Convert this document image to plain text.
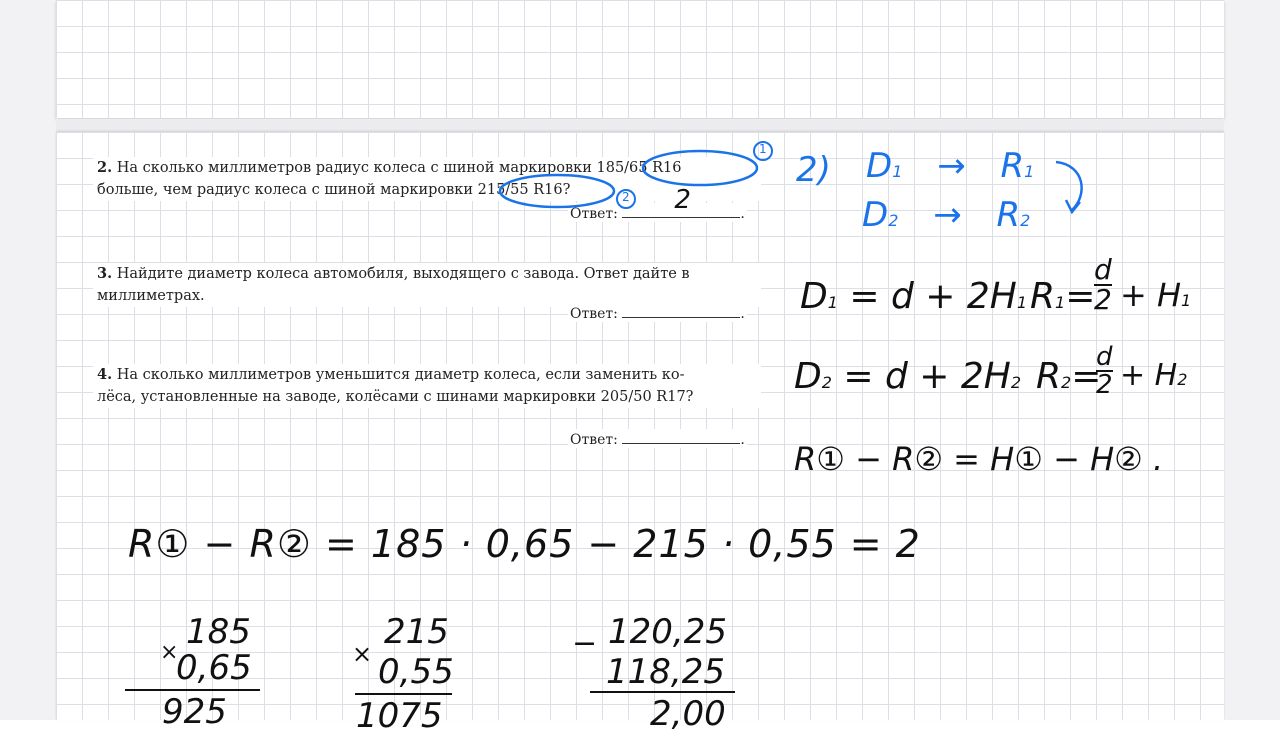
2. На сколько миллиметров радиус колеса с шиной маркировки 185/65 R16
больше, чем радиус колеса с шиной маркировки 215/55 R16?
Ответ: 2	.
3. Найдите диаметр колеса автомобиля, выходящего с завода. Ответ дайте в
миллиметрах.
Ответ:	.
4. На сколько миллиметров уменьшится диаметр колеса, если заменить ко-
лёса, установленные на заводе, колёсами с шинами маркировки 205/50 R17?
Ответ:	.
1
2
2) D1 → R1
D2 → R2
D1 = d + 2H1 R1=
$\frac{d}{2} + H1$
D2 = d + 2H2 R2=
$\frac{d}{2} + H2$
R① − R② = H① − H② .
R① − R② = 185 · 0,65 − 215 · 0,55 = 2
×
185
0,65
925
×
215
0,55
1075
− 120,25
118,25
2,00
